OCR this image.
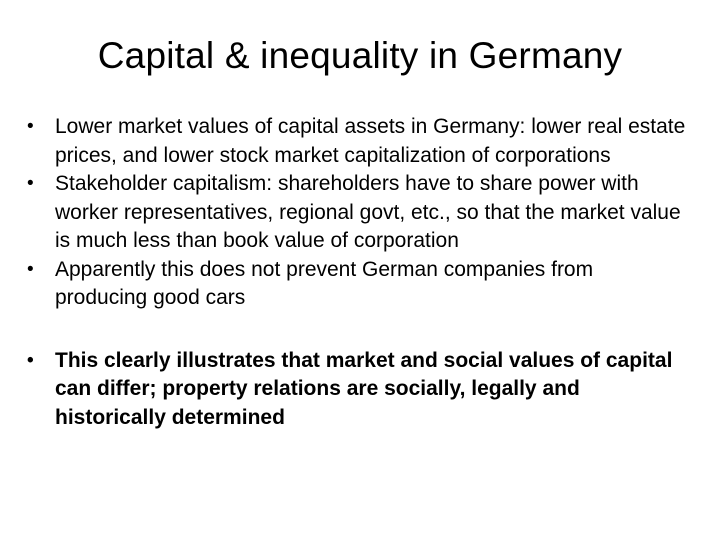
Capital & inequality in Germany
•	Lower market values of capital assets in Germany: lower real estate prices, and lower stock market capitalization of corporations
•	Stakeholder capitalism: shareholders have to share power with worker representatives, regional govt, etc., so that the market value is much less than book value of corporation
•	Apparently this does not prevent German companies from producing good cars
•	This clearly illustrates that market and social values of capital can differ; property relations are socially, legally and historically determined
